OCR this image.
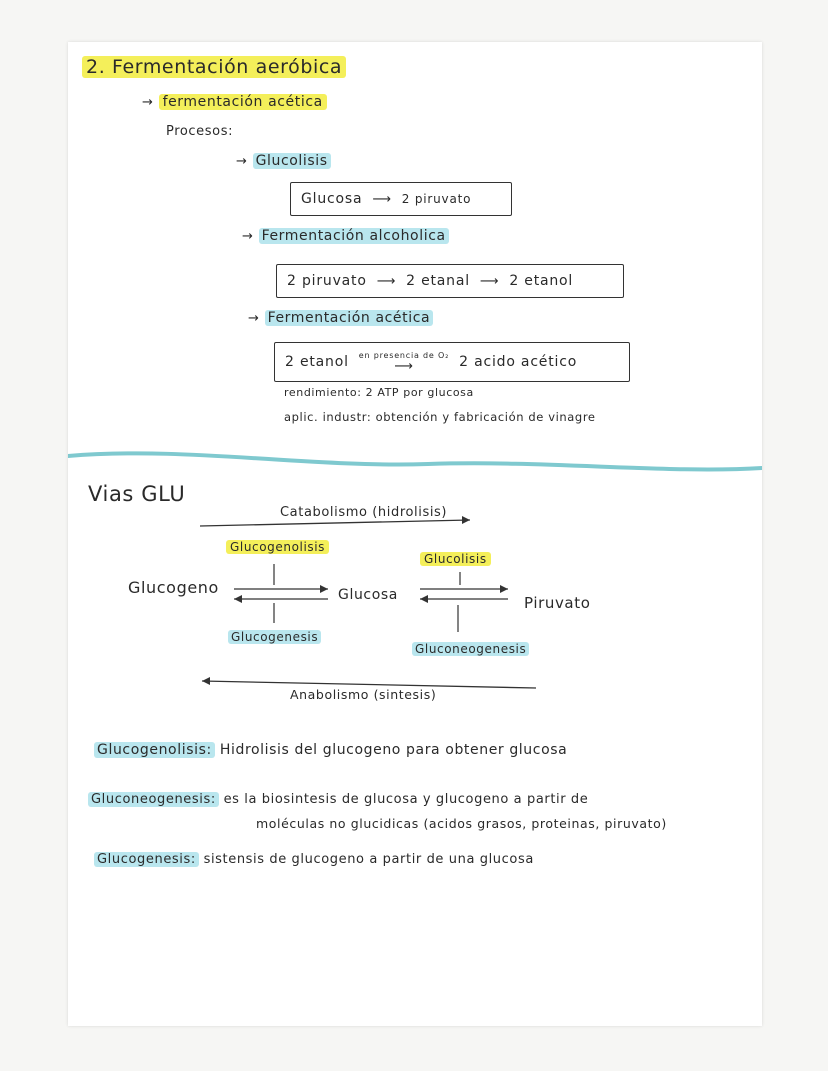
2. Fermentación aeróbica
→ fermentación acética
Procesos:
→ Glucolisis
Glucosa ⟶ 2 piruvato
→ Fermentación alcoholica
2 piruvato ⟶ 2 etanal ⟶ 2 etanol
→ Fermentación acética
2 etanol en presencia de O₂
⟶	2 acido acético
rendimiento: 2 ATP por glucosa
aplic. industr: obtención y fabricación de vinagre
Vias GLU
Catabolismo (hidrolisis)
Glucogenolisis
Glucolisis
Glucogeno	Glucosa	Piruvato
Glucogenesis
Gluconeogenesis
Anabolismo (sintesis)
Glucogenolisis: Hidrolisis del glucogeno para obtener glucosa
Gluconeogenesis: es la biosintesis de glucosa y glucogeno a partir de
moléculas no glucidicas (acidos grasos, proteinas, piruvato)
Glucogenesis: sistensis de glucogeno a partir de una glucosa
